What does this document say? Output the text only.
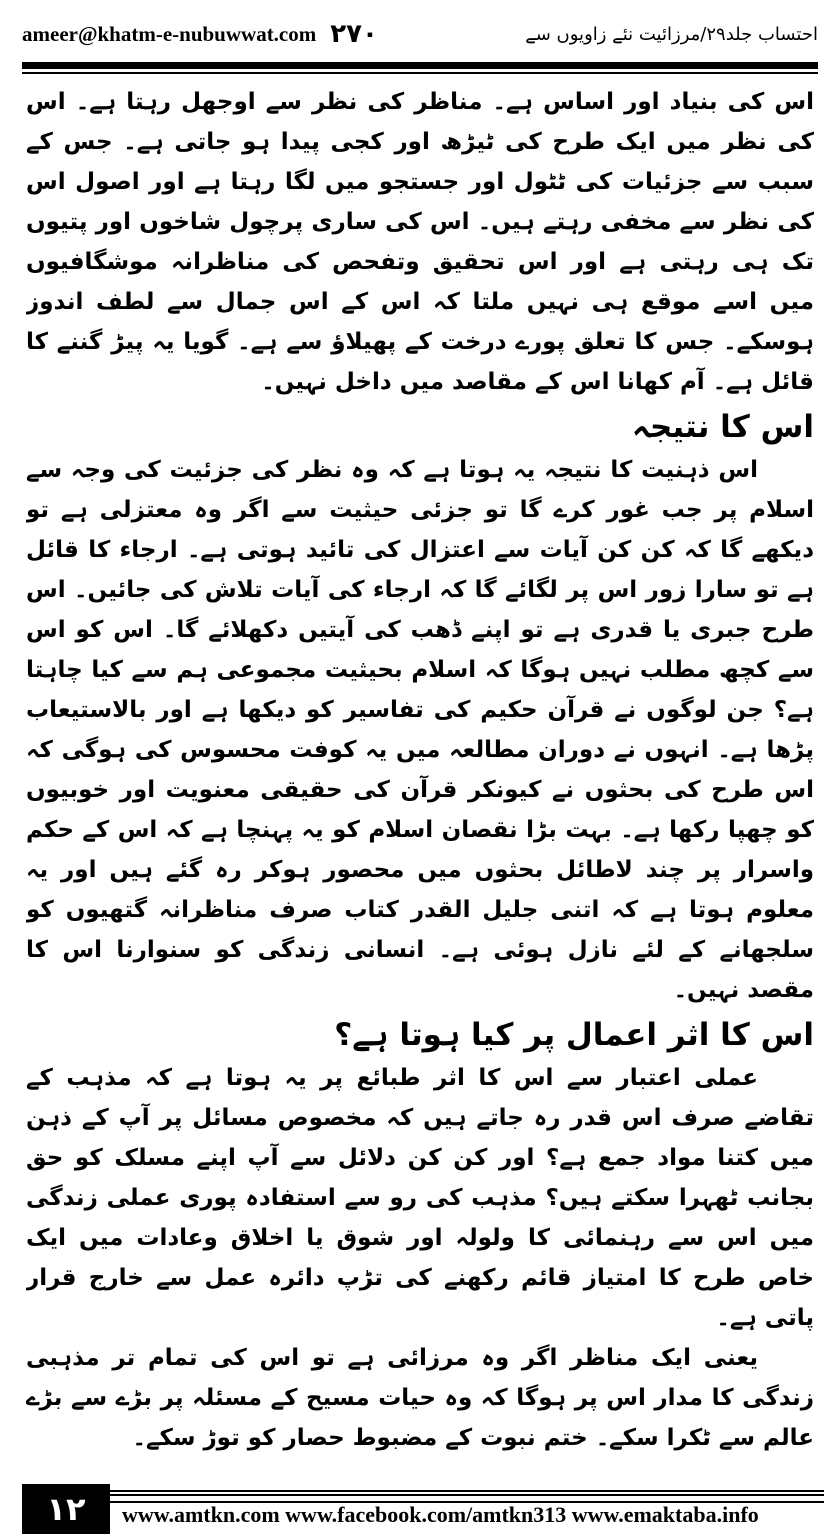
ameer@khatm-e-nubuwwat.com ۲۷۰	احتساب جلد۲۹/مرزائیت نئے زاویوں سے

اس کی بنیاد اور اساس ہے۔ مناظر کی نظر سے اوجھل رہتا ہے۔ اس کی نظر میں ایک طرح کی ٹیڑھ اور کجی پیدا ہو جاتی ہے۔ جس کے سبب سے جزئیات کی ٹٹول اور جستجو میں لگا رہتا ہے اور اصول اس کی نظر سے مخفی رہتے ہیں۔ اس کی ساری پرچول شاخوں اور پتیوں تک ہی رہتی ہے اور اس تحقیق وتفحص کی مناظرانہ موشگافیوں میں اسے موقع ہی نہیں ملتا کہ اس کے اس جمال سے لطف اندوز ہوسکے۔ جس کا تعلق پورے درخت کے پھیلاؤ سے ہے۔ گویا یہ پیڑ گننے کا قائل ہے۔ آم کھانا اس کے مقاصد میں داخل نہیں۔

اس کا نتیجہ

اس ذہنیت کا نتیجہ یہ ہوتا ہے کہ وہ نظر کی جزئیت کی وجہ سے اسلام پر جب غور کرے گا تو جزئی حیثیت سے اگر وہ معتزلی ہے تو دیکھے گا کہ کن کن آیات سے اعتزال کی تائید ہوتی ہے۔ ارجاء کا قائل ہے تو سارا زور اس پر لگائے گا کہ ارجاء کی آیات تلاش کی جائیں۔ اس طرح جبری یا قدری ہے تو اپنے ڈھب کی آیتیں دکھلائے گا۔ اس کو اس سے کچھ مطلب نہیں ہوگا کہ اسلام بحیثیت مجموعی ہم سے کیا چاہتا ہے؟ جن لوگوں نے قرآن حکیم کی تفاسیر کو دیکھا ہے اور بالاستیعاب پڑھا ہے۔ انہوں نے دوران مطالعہ میں یہ کوفت محسوس کی ہوگی کہ اس طرح کی بحثوں نے کیونکر قرآن کی حقیقی معنویت اور خوبیوں کو چھپا رکھا ہے۔ بہت بڑا نقصان اسلام کو یہ پہنچا ہے کہ اس کے حکم واسرار پر چند لاطائل بحثوں میں محصور ہوکر رہ گئے ہیں اور یہ معلوم ہوتا ہے کہ اتنی جلیل القدر کتاب صرف مناظرانہ گتھیوں کو سلجھانے کے لئے نازل ہوئی ہے۔ انسانی زندگی کو سنوارنا اس کا مقصد نہیں۔

اس کا اثر اعمال پر کیا ہوتا ہے؟

عملی اعتبار سے اس کا اثر طبائع پر یہ ہوتا ہے کہ مذہب کے تقاضے صرف اس قدر رہ جاتے ہیں کہ مخصوص مسائل پر آپ کے ذہن میں کتنا مواد جمع ہے؟ اور کن کن دلائل سے آپ اپنے مسلک کو حق بجانب ٹھہرا سکتے ہیں؟ مذہب کی رو سے استفادہ پوری عملی زندگی میں اس سے رہنمائی کا ولولہ اور شوق یا اخلاق وعادات میں ایک خاص طرح کا امتیاز قائم رکھنے کی تڑپ دائرہ عمل سے خارج قرار پاتی ہے۔

یعنی ایک مناظر اگر وہ مرزائی ہے تو اس کی تمام تر مذہبی زندگی کا مدار اس پر ہوگا کہ وہ حیات مسیح کے مسئلہ پر بڑے سے بڑے عالم سے ٹکرا سکے۔ ختم نبوت کے مضبوط حصار کو توڑ سکے۔

۱۲	www.amtkn.com www.facebook.com/amtkn313 www.emaktaba.info
